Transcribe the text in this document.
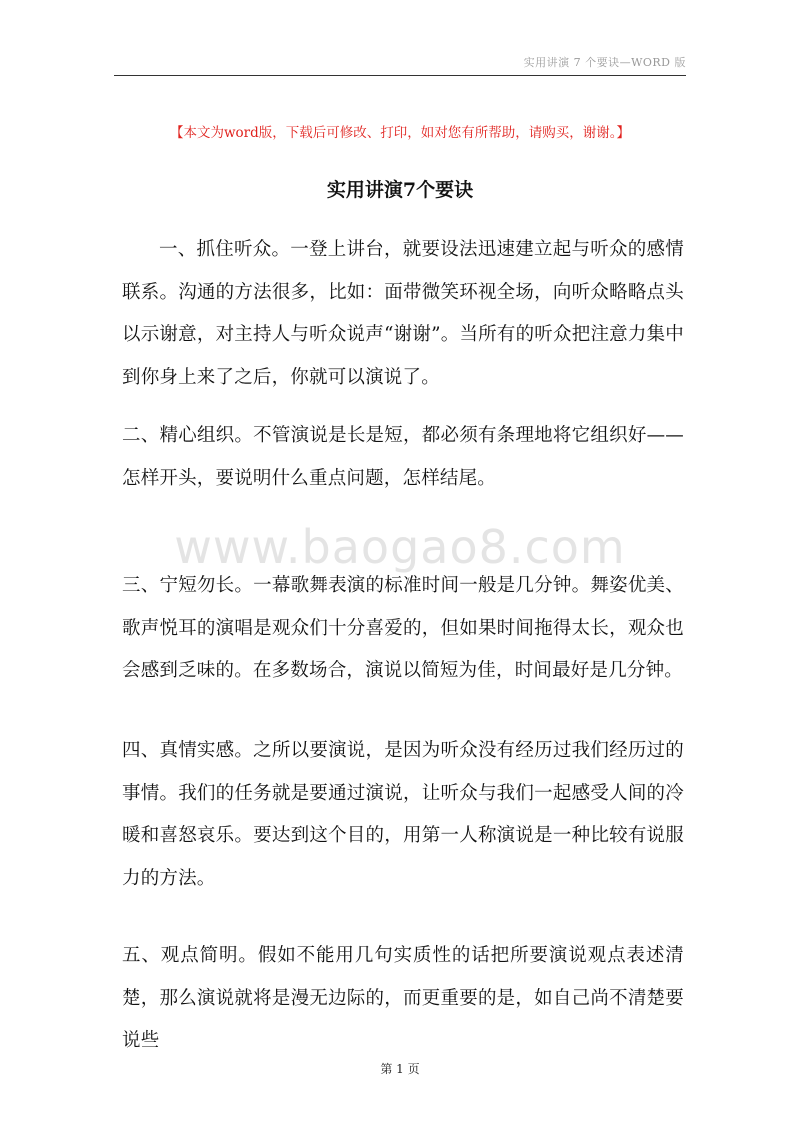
实用讲演 7 个要诀—WORD 版
www.baogao8.com
【本文为word版，下载后可修改、打印，如对您有所帮助，请购买，谢谢。】
实用讲演7个要诀

一、抓住听众。一登上讲台，就要设法迅速建立起与听众的感情联系。沟通的方法很多，比如：面带微笑环视全场，向听众略略点头以示谢意，对主持人与听众说声“谢谢”。当所有的听众把注意力集中到你身上来了之后，你就可以演说了。

二、精心组织。不管演说是长是短，都必须有条理地将它组织好——怎样开头，要说明什么重点问题，怎样结尾。

三、宁短勿长。一幕歌舞表演的标准时间一般是几分钟。舞姿优美、歌声悦耳的演唱是观众们十分喜爱的，但如果时间拖得太长，观众也会感到乏味的。在多数场合，演说以简短为佳，时间最好是几分钟。

四、真情实感。之所以要演说，是因为听众没有经历过我们经历过的事情。我们的任务就是要通过演说，让听众与我们一起感受人间的冷暖和喜怒哀乐。要达到这个目的，用第一人称演说是一种比较有说服力的方法。

五、观点简明。假如不能用几句实质性的话把所要演说观点表述清楚，那么演说就将是漫无边际的，而更重要的是，如自己尚不清楚要说些

第 1 页
